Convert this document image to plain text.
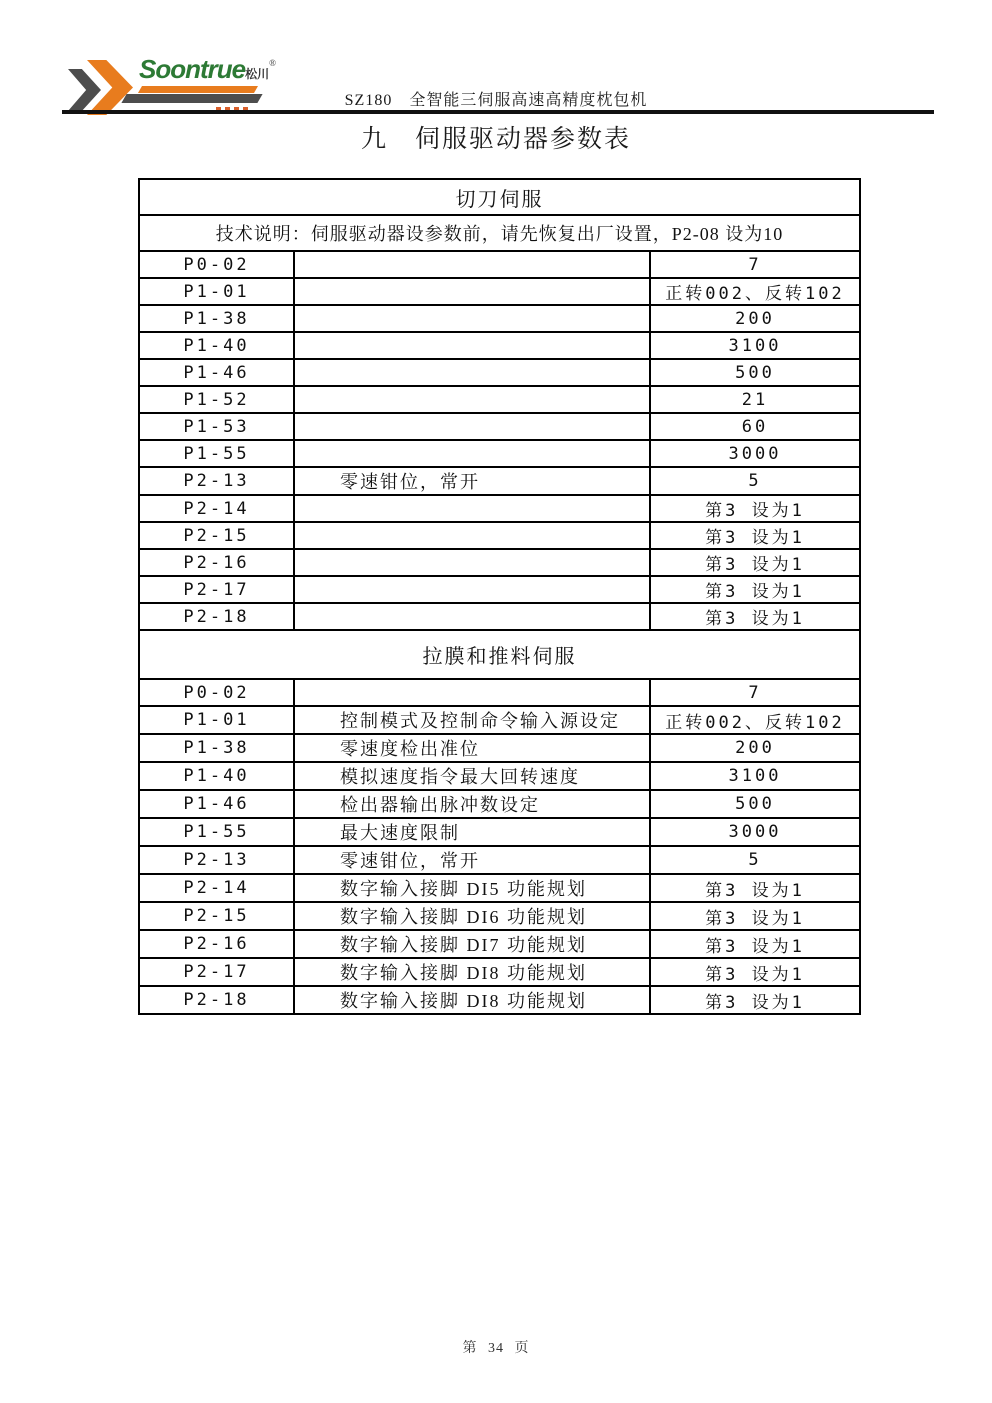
Soontrue松川®
SZ180　全智能三伺服高速高精度枕包机
九　伺服驱动器参数表
切刀伺服		
技术说明：伺服驱动器设参数前，请先恢复出厂设置，P2-08 设为10		
P0-02		7
P1-01		正转002、反转102
P1-38		200
P1-40		3100
P1-46		500
P1-52		21
P1-53		60
P1-55		3000
P2-13	零速钳位，常开	5
P2-14		第3 设为1
P2-15		第3 设为1
P2-16		第3 设为1
P2-17		第3 设为1
P2-18		第3 设为1
拉膜和推料伺服		
P0-02		7
P1-01	控制模式及控制命令输入源设定	正转002、反转102
P1-38	零速度检出准位	200
P1-40	模拟速度指令最大回转速度	3100
P1-46	检出器输出脉冲数设定	500
P1-55	最大速度限制	3000
P2-13	零速钳位，常开	5
P2-14	数字输入接脚 DI5 功能规划	第3 设为1
P2-15	数字输入接脚 DI6 功能规划	第3 设为1
P2-16	数字输入接脚 DI7 功能规划	第3 设为1
P2-17	数字输入接脚 DI8 功能规划	第3 设为1
P2-18	数字输入接脚 DI8 功能规划	第3 设为1
第 34 页
